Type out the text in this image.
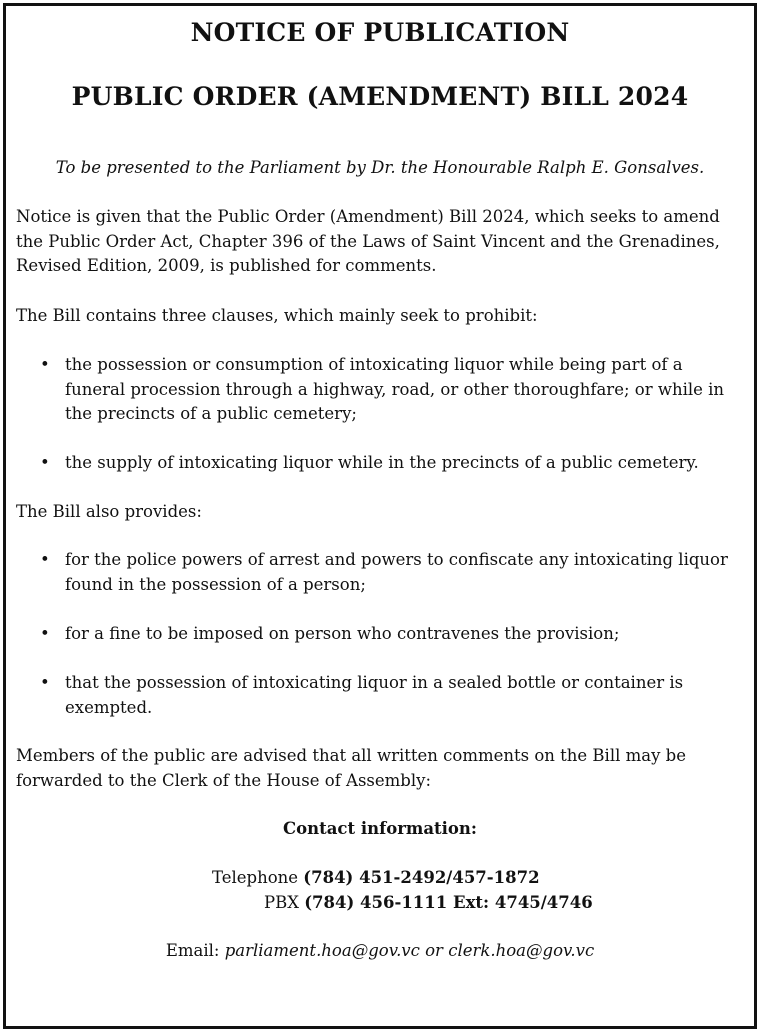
NOTICE OF PUBLICATION
PUBLIC ORDER (AMENDMENT) BILL 2024
To be presented to the Parliament by Dr. the Honourable Ralph E. Gonsalves.
Notice is given that the Public Order (Amendment) Bill 2024, which seeks to amend the Public Order Act, Chapter 396 of the Laws of Saint Vincent and the Grenadines, Revised Edition, 2009, is published for comments.
The Bill contains three clauses, which mainly seek to prohibit:
• the possession or consumption of intoxicating liquor while being part of a funeral procession through a highway, road, or other thoroughfare; or while in the precincts of a public cemetery;
• the supply of intoxicating liquor while in the precincts of a public cemetery.
The Bill also provides:
• for the police powers of arrest and powers to confiscate any intoxicating liquor found in the possession of a person;
• for a fine to be imposed on person who contravenes the provision;
• that the possession of intoxicating liquor in a sealed bottle or container is exempted.
Members of the public are advised that all written comments on the Bill may be forwarded to the Clerk of the House of Assembly:
Contact information:
Telephone (784) 451-2492/457-1872
PBX (784) 456-1111 Ext: 4745/4746
Email: parliament.hoa@gov.vc or clerk.hoa@gov.vc
